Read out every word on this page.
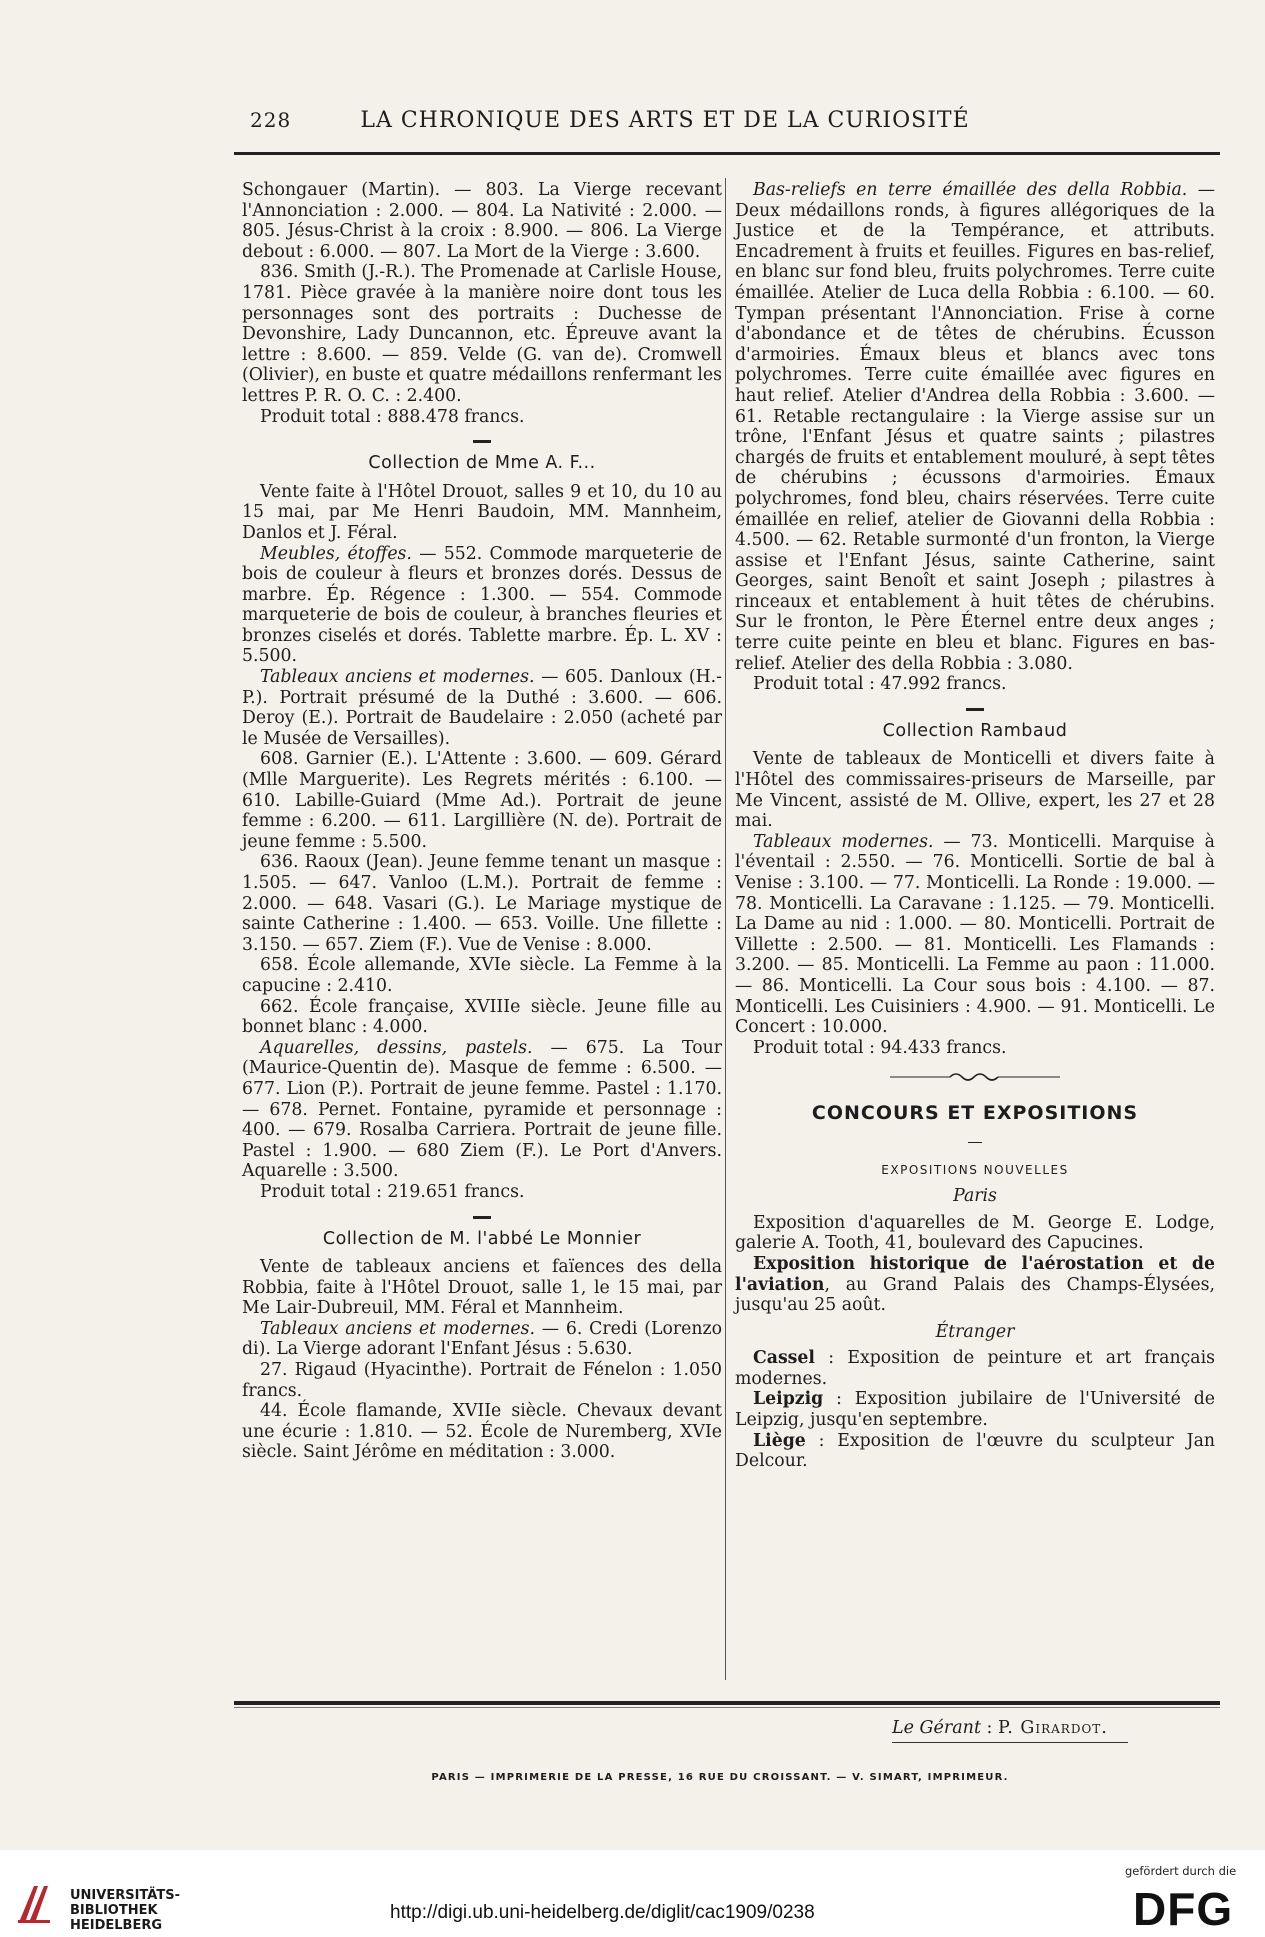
228	LA CHRONIQUE DES ARTS ET DE LA CURIOSITÉ

Schongauer (Martin). — 803. La Vierge recevant l'Annonciation : 2.000. — 804. La Nativité : 2.000. — 805. Jésus-Christ à la croix : 8.900. — 806. La Vierge debout : 6.000. — 807. La Mort de la Vierge : 3.600.

836. Smith (J.-R.). The Promenade at Carlisle House, 1781. Pièce gravée à la manière noire dont tous les personnages sont des portraits : Duchesse de Devonshire, Lady Duncannon, etc. Épreuve avant la lettre : 8.600. — 859. Velde (G. van de). Cromwell (Olivier), en buste et quatre médaillons renfermant les lettres P. R. O. C. : 2.400.

Produit total : 888.478 francs.

Collection de Mme A. F...

Vente faite à l'Hôtel Drouot, salles 9 et 10, du 10 au 15 mai, par Me Henri Baudoin, MM. Mannheim, Danlos et J. Féral.

Meubles, étoffes. — 552. Commode marqueterie de bois de couleur à fleurs et bronzes dorés. Dessus de marbre. Ép. Régence : 1.300. — 554. Commode marqueterie de bois de couleur, à branches fleuries et bronzes ciselés et dorés. Tablette marbre. Ép. L. XV : 5.500.

Tableaux anciens et modernes. — 605. Danloux (H.-P.). Portrait présumé de la Duthé : 3.600. — 606. Deroy (E.). Portrait de Baudelaire : 2.050 (acheté par le Musée de Versailles).

608. Garnier (E.). L'Attente : 3.600. — 609. Gérard (Mlle Marguerite). Les Regrets mérités : 6.100. — 610. Labille-Guiard (Mme Ad.). Portrait de jeune femme : 6.200. — 611. Largillière (N. de). Portrait de jeune femme : 5.500.

636. Raoux (Jean). Jeune femme tenant un masque : 1.505. — 647. Vanloo (L.M.). Portrait de femme : 2.000. — 648. Vasari (G.). Le Mariage mystique de sainte Catherine : 1.400. — 653. Voille. Une fillette : 3.150. — 657. Ziem (F.). Vue de Venise : 8.000.

658. École allemande, XVIe siècle. La Femme à la capucine : 2.410.

662. École française, XVIIIe siècle. Jeune fille au bonnet blanc : 4.000.

Aquarelles, dessins, pastels. — 675. La Tour (Maurice-Quentin de). Masque de femme : 6.500. — 677. Lion (P.). Portrait de jeune femme. Pastel : 1.170. — 678. Pernet. Fontaine, pyramide et personnage : 400. — 679. Rosalba Carriera. Portrait de jeune fille. Pastel : 1.900. — 680 Ziem (F.). Le Port d'Anvers. Aquarelle : 3.500.

Produit total : 219.651 francs.

Collection de M. l'abbé Le Monnier

Vente de tableaux anciens et faïences des della Robbia, faite à l'Hôtel Drouot, salle 1, le 15 mai, par Me Lair-Dubreuil, MM. Féral et Mannheim.

Tableaux anciens et modernes. — 6. Credi (Lorenzo di). La Vierge adorant l'Enfant Jésus : 5.630.

27. Rigaud (Hyacinthe). Portrait de Fénelon : 1.050 francs.

44. École flamande, XVIIe siècle. Chevaux devant une écurie : 1.810. — 52. École de Nuremberg, XVIe siècle. Saint Jérôme en méditation : 3.000.

Bas-reliefs en terre émaillée des della Robbia. — Deux médaillons ronds, à figures allégoriques de la Justice et de la Tempérance, et attributs. Encadrement à fruits et feuilles. Figures en bas-relief, en blanc sur fond bleu, fruits polychromes. Terre cuite émaillée. Atelier de Luca della Robbia : 6.100. — 60. Tympan présentant l'Annonciation. Frise à corne d'abondance et de têtes de chérubins. Écusson d'armoiries. Émaux bleus et blancs avec tons polychromes. Terre cuite émaillée avec figures en haut relief. Atelier d'Andrea della Robbia : 3.600. — 61. Retable rectangulaire : la Vierge assise sur un trône, l'Enfant Jésus et quatre saints ; pilastres chargés de fruits et entablement mouluré, à sept têtes de chérubins ; écussons d'armoiries. Émaux polychromes, fond bleu, chairs réservées. Terre cuite émaillée en relief, atelier de Giovanni della Robbia : 4.500. — 62. Retable surmonté d'un fronton, la Vierge assise et l'Enfant Jésus, sainte Catherine, saint Georges, saint Benoît et saint Joseph ; pilastres à rinceaux et entablement à huit têtes de chérubins. Sur le fronton, le Père Éternel entre deux anges ; terre cuite peinte en bleu et blanc. Figures en bas-relief. Atelier des della Robbia : 3.080.

Produit total : 47.992 francs.

Collection Rambaud

Vente de tableaux de Monticelli et divers faite à l'Hôtel des commissaires-priseurs de Marseille, par Me Vincent, assisté de M. Ollive, expert, les 27 et 28 mai.

Tableaux modernes. — 73. Monticelli. Marquise à l'éventail : 2.550. — 76. Monticelli. Sortie de bal à Venise : 3.100. — 77. Monticelli. La Ronde : 19.000. — 78. Monticelli. La Caravane : 1.125. — 79. Monticelli. La Dame au nid : 1.000. — 80. Monticelli. Portrait de Villette : 2.500. — 81. Monticelli. Les Flamands : 3.200. — 85. Monticelli. La Femme au paon : 11.000. — 86. Monticelli. La Cour sous bois : 4.100. — 87. Monticelli. Les Cuisiniers : 4.900. — 91. Monticelli. Le Concert : 10.000.

Produit total : 94.433 francs.

CONCOURS ET EXPOSITIONS
EXPOSITIONS NOUVELLES
Paris

Exposition d'aquarelles de M. George E. Lodge, galerie A. Tooth, 41, boulevard des Capucines.

Exposition historique de l'aérostation et de l'aviation, au Grand Palais des Champs-Élysées, jusqu'au 25 août.

Étranger

Cassel : Exposition de peinture et art français modernes.

Leipzig : Exposition jubilaire de l'Université de Leipzig, jusqu'en septembre.

Liège : Exposition de l'œuvre du sculpteur Jan Delcour.

Le Gérant : P. Girardot.
PARIS — IMPRIMERIE DE LA PRESSE, 16 RUE DU CROISSANT. — V. SIMART, IMPRIMEUR.
UNIVERSITÄTS-
BIBLIOTHEK
HEIDELBERG
http://digi.ub.uni-heidelberg.de/diglit/cac1909/0238
gefördert durch die
DFG
